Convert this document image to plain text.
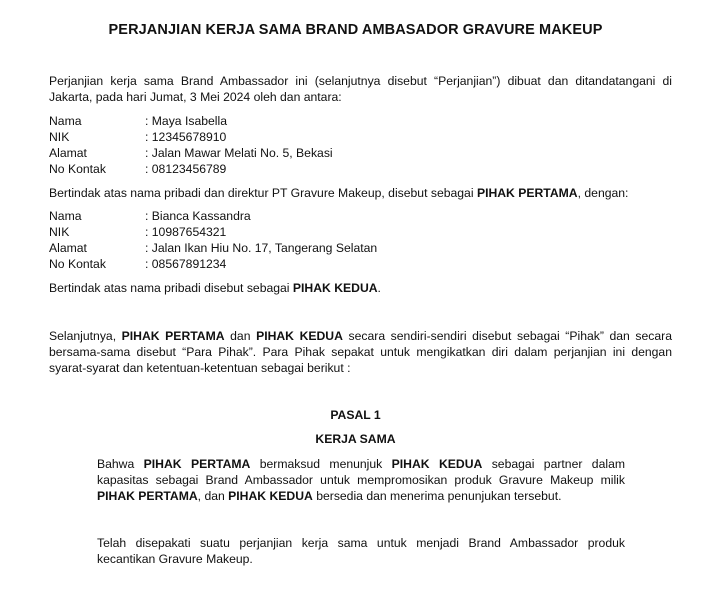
PERJANJIAN KERJA SAMA BRAND AMBASADOR GRAVURE MAKEUP

Perjanjian kerja sama Brand Ambassador ini (selanjutnya disebut “Perjanjian”) dibuat dan ditandatangani di Jakarta, pada hari Jumat, 3 Mei 2024 oleh dan antara:

Nama	: Maya Isabella
NIK	: 12345678910
Alamat	: Jalan Mawar Melati No. 5, Bekasi
No Kontak	: 08123456789

Bertindak atas nama pribadi dan direktur PT Gravure Makeup, disebut sebagai PIHAK PERTAMA, dengan:

Nama	: Bianca Kassandra
NIK	: 10987654321
Alamat	: Jalan Ikan Hiu No. 17, Tangerang Selatan
No Kontak	: 08567891234

Bertindak atas nama pribadi disebut sebagai PIHAK KEDUA.

Selanjutnya, PIHAK PERTAMA dan PIHAK KEDUA secara sendiri-sendiri disebut sebagai “Pihak” dan secara bersama-sama disebut “Para Pihak”. Para Pihak sepakat untuk mengikatkan diri dalam perjanjian ini dengan syarat-syarat dan ketentuan-ketentuan sebagai berikut :

PASAL 1
KERJA SAMA

Bahwa PIHAK PERTAMA bermaksud menunjuk PIHAK KEDUA sebagai partner dalam kapasitas sebagai Brand Ambassador untuk mempromosikan produk Gravure Makeup milik PIHAK PERTAMA, dan PIHAK KEDUA bersedia dan menerima penunjukan tersebut.

Telah disepakati suatu perjanjian kerja sama untuk menjadi Brand Ambassador produk kecantikan Gravure Makeup.
